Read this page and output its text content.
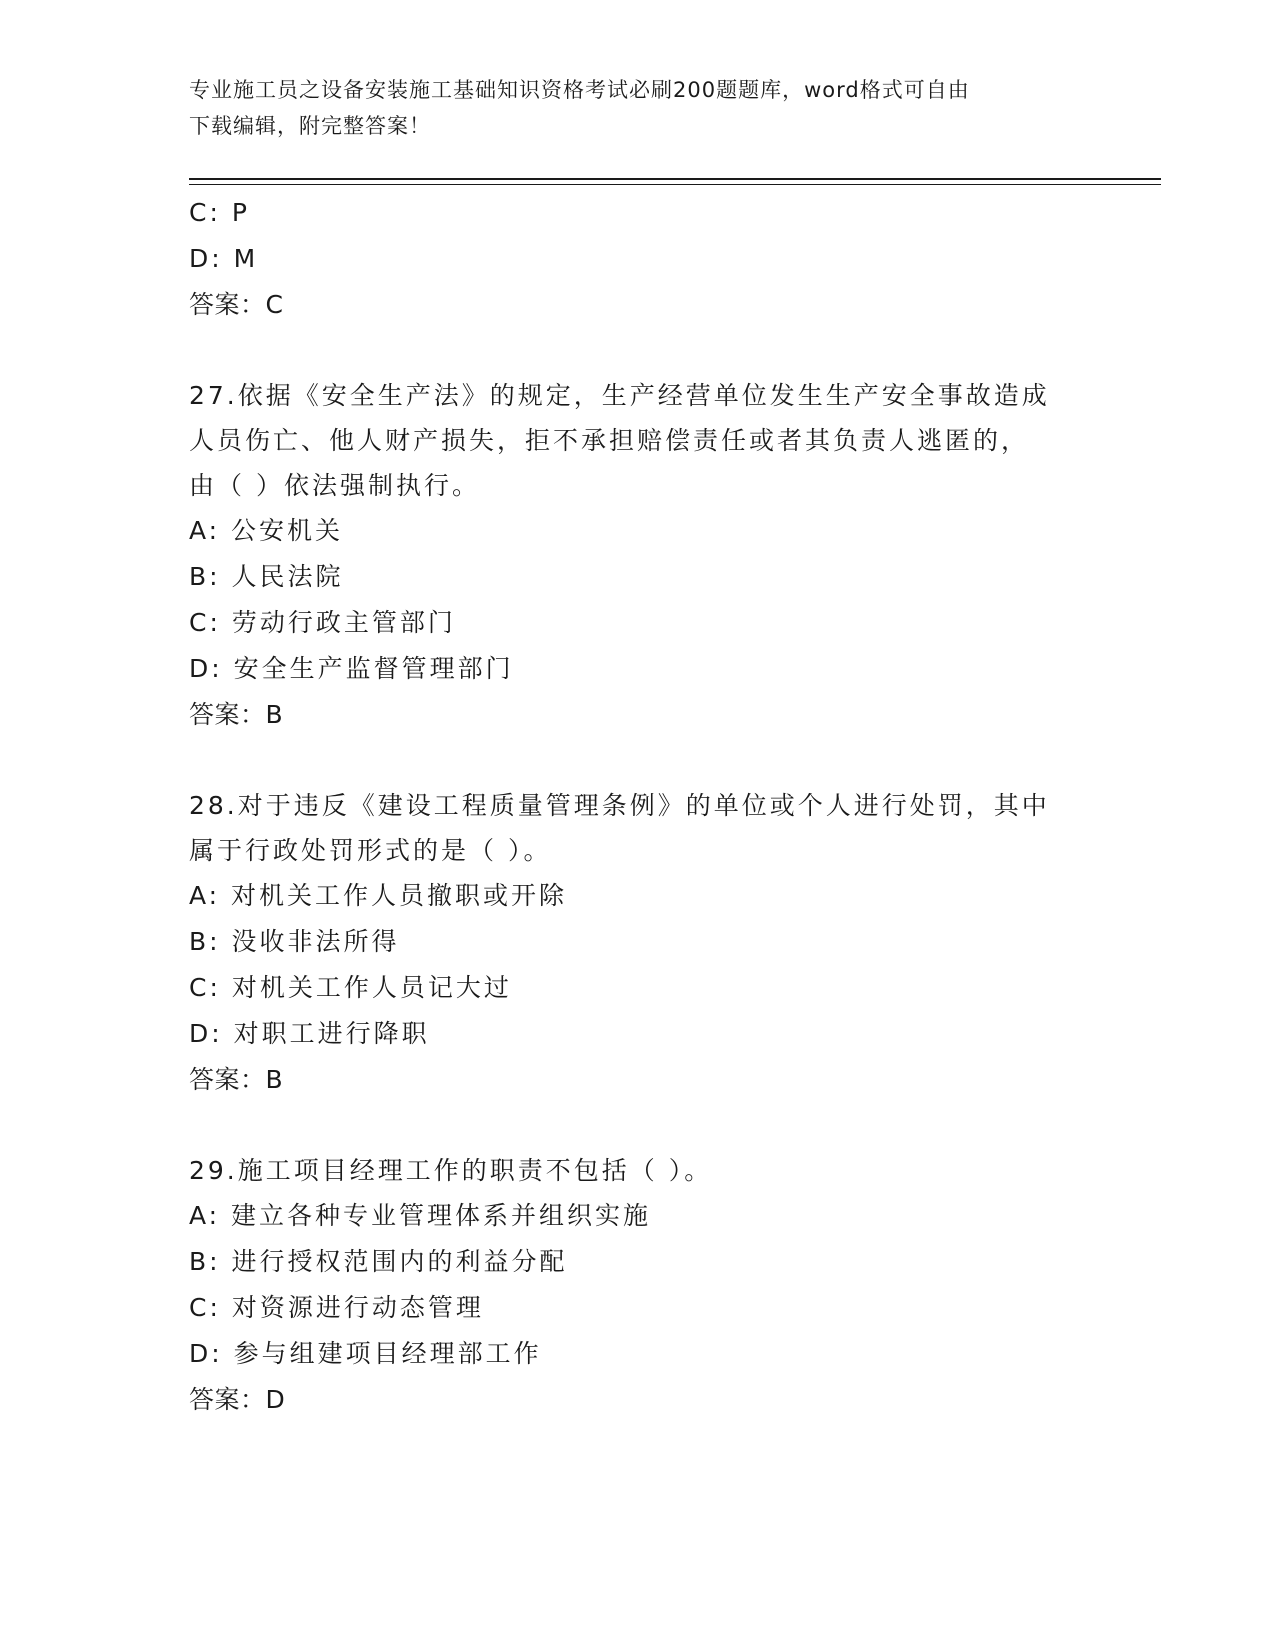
专业施工员之设备安装施工基础知识资格考试必刷200题题库，word格式可自由
下载编辑，附完整答案！
C: P
D: M
答案：C
27.依据《安全生产法》的规定，生产经营单位发生生产安全事故造成
人员伤亡、他人财产损失，拒不承担赔偿责任或者其负责人逃匿的，
由（ ）依法强制执行。
A: 公安机关
B: 人民法院
C: 劳动行政主管部门
D: 安全生产监督管理部门
答案：B
28.对于违反《建设工程质量管理条例》的单位或个人进行处罚，其中
属于行政处罚形式的是（ ）。
A: 对机关工作人员撤职或开除
B: 没收非法所得
C: 对机关工作人员记大过
D: 对职工进行降职
答案：B
29.施工项目经理工作的职责不包括（ ）。
A: 建立各种专业管理体系并组织实施
B: 进行授权范围内的利益分配
C: 对资源进行动态管理
D: 参与组建项目经理部工作
答案：D
